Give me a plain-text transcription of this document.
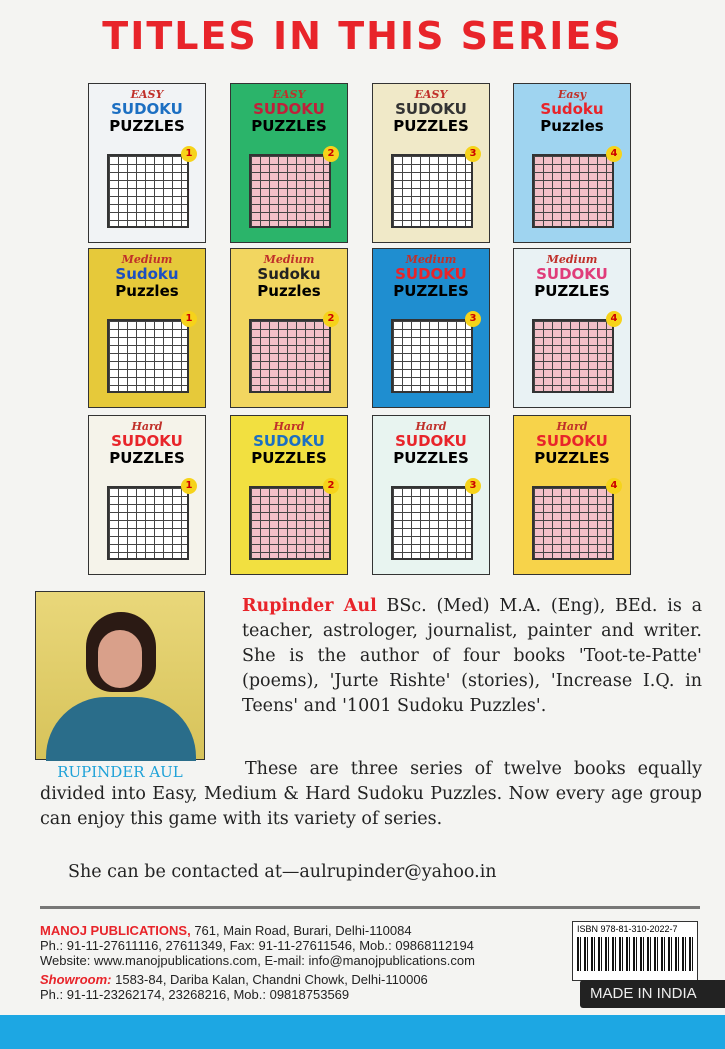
TITLES IN THIS SERIES
EASY
SUDOKU
PUZZLES
1
EASY
SUDOKU
PUZZLES
2
EASY
SUDOKU
PUZZLES
3
Easy
Sudoku
Puzzles
4
Medium
Sudoku
Puzzles
1
Medium
Sudoku
Puzzles
2
Medium
SUDOKU
PUZZLES
3
Medium
SUDOKU
PUZZLES
4
Hard
SUDOKU
PUZZLES
1
Hard
SUDOKU
PUZZLES
2
Hard
SUDOKU
PUZZLES
3
Hard
SUDOKU
PUZZLES
4
RUPINDER AUL
Rupinder Aul BSc. (Med) M.A. (Eng), BEd. is a teacher, astrologer, journalist, painter and writer. She is the author of four books 'Toot-te-Patte' (poems), 'Jurte Rishte' (stories), 'Increase I.Q. in Teens' and '1001 Sudoku Puzzles'.
These are three series of twelve books equally divided into Easy, Medium & Hard Sudoku Puzzles. Now every age group can enjoy this game with its variety of series.
She can be contacted at—aulrupinder@yahoo.in
MANOJ PUBLICATIONS, 761, Main Road, Burari, Delhi-110084
Ph.: 91-11-27611116, 27611349, Fax: 91-11-27611546, Mob.: 09868112194
Website: www.manojpublications.com, E-mail: info@manojpublications.com
Showroom: 1583-84, Dariba Kalan, Chandni Chowk, Delhi-110006
Ph.: 91-11-23262174, 23268216, Mob.: 09818753569
ISBN 978-81-310-2022-7
MADE IN INDIA
